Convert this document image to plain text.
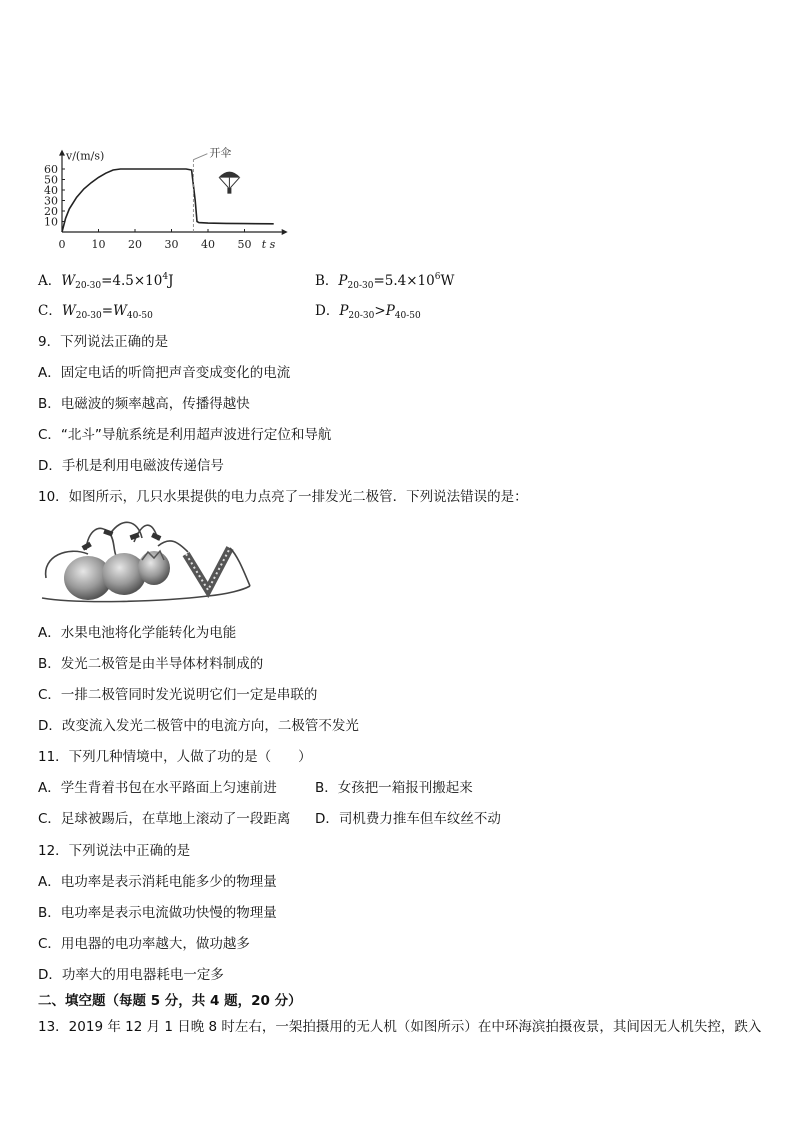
v/(m/s)
t s
0 10 20 30 40 50
10
20
30
40
50
60
开伞
A．$W_{20-30}=4.5\times 10^4J$	B．$P_{20-30}=5.4\times 10^6W$
C．$W_{20-30}=W_{40-50}$	D．$P_{20-30}>P_{40-50}$
9．下列说法正确的是
A．固定电话的听筒把声音变成变化的电流
B．电磁波的频率越高，传播得越快
C．“北斗”导航系统是利用超声波进行定位和导航
D．手机是利用电磁波传递信号
10．如图所示，几只水果提供的电力点亮了一排发光二极管．下列说法错误的是：
A．水果电池将化学能转化为电能
B．发光二极管是由半导体材料制成的
C．一排二极管同时发光说明它们一定是串联的
D．改变流入发光二极管中的电流方向，二极管不发光
11．下列几种情境中，人做了功的是（　　）
A．学生背着书包在水平路面上匀速前进	B．女孩把一箱报刊搬起来
C．足球被踢后，在草地上滚动了一段距离 D．司机费力推车但车纹丝不动
12．下列说法中正确的是
A．电功率是表示消耗电能多少的物理量
B．电功率是表示电流做功快慢的物理量
C．用电器的电功率越大，做功越多
D．功率大的用电器耗电一定多
二、填空题（每题 5 分，共 4 题，20 分）
13．2019 年 12 月 1 日晚 8 时左右，一架拍摄用的无人机（如图所示）在中环海滨拍摄夜景，其间因无人机失控，跌入
